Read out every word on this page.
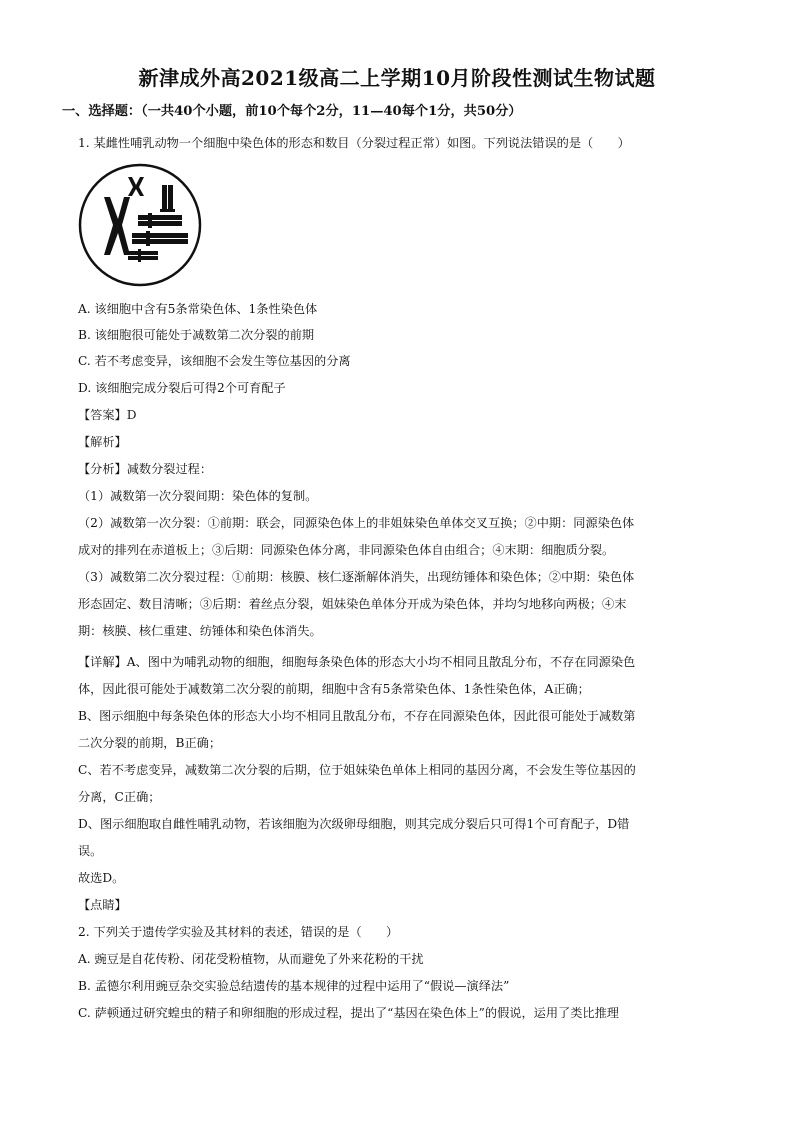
新津成外高2021级高二上学期10月阶段性测试生物试题
一、选择题：（一共40个小题，前10个每个2分，11—40每个1分，共50分）
1. 某雌性哺乳动物一个细胞中染色体的形态和数目（分裂过程正常）如图。下列说法错误的是（　　）
A. 该细胞中含有5条常染色体、1条性染色体
B. 该细胞很可能处于减数第二次分裂的前期
C. 若不考虑变异，该细胞不会发生等位基因的分离
D. 该细胞完成分裂后可得2个可育配子
【答案】D
【解析】
【分析】减数分裂过程：
（1）减数第一次分裂间期：染色体的复制。
（2）减数第一次分裂：①前期：联会，同源染色体上的非姐妹染色单体交叉互换；②中期：同源染色体
成对的排列在赤道板上；③后期：同源染色体分离，非同源染色体自由组合；④末期：细胞质分裂。
（3）减数第二次分裂过程：①前期：核膜、核仁逐渐解体消失，出现纺锤体和染色体；②中期：染色体
形态固定、数目清晰；③后期：着丝点分裂，姐妹染色单体分开成为染色体，并均匀地移向两极；④末
期：核膜、核仁重建、纺锤体和染色体消失。
【详解】A、图中为哺乳动物的细胞，细胞每条染色体的形态大小均不相同且散乱分布，不存在同源染色
体，因此很可能处于减数第二次分裂的前期，细胞中含有5条常染色体、1条性染色体，A正确；
B、图示细胞中每条染色体的形态大小均不相同且散乱分布，不存在同源染色体，因此很可能处于减数第
二次分裂的前期，B正确；
C、若不考虑变异，减数第二次分裂的后期，位于姐妹染色单体上相同的基因分离，不会发生等位基因的
分离，C正确；
D、图示细胞取自雌性哺乳动物，若该细胞为次级卵母细胞，则其完成分裂后只可得1个可育配子，D错
误。
故选D。
【点睛】
2. 下列关于遗传学实验及其材料的表述，错误的是（　　）
A. 豌豆是自花传粉、闭花受粉植物，从而避免了外来花粉的干扰
B. 孟德尔利用豌豆杂交实验总结遗传的基本规律的过程中运用了“假说—演绎法”
C. 萨顿通过研究蝗虫的精子和卵细胞的形成过程，提出了“基因在染色体上”的假说，运用了类比推理
